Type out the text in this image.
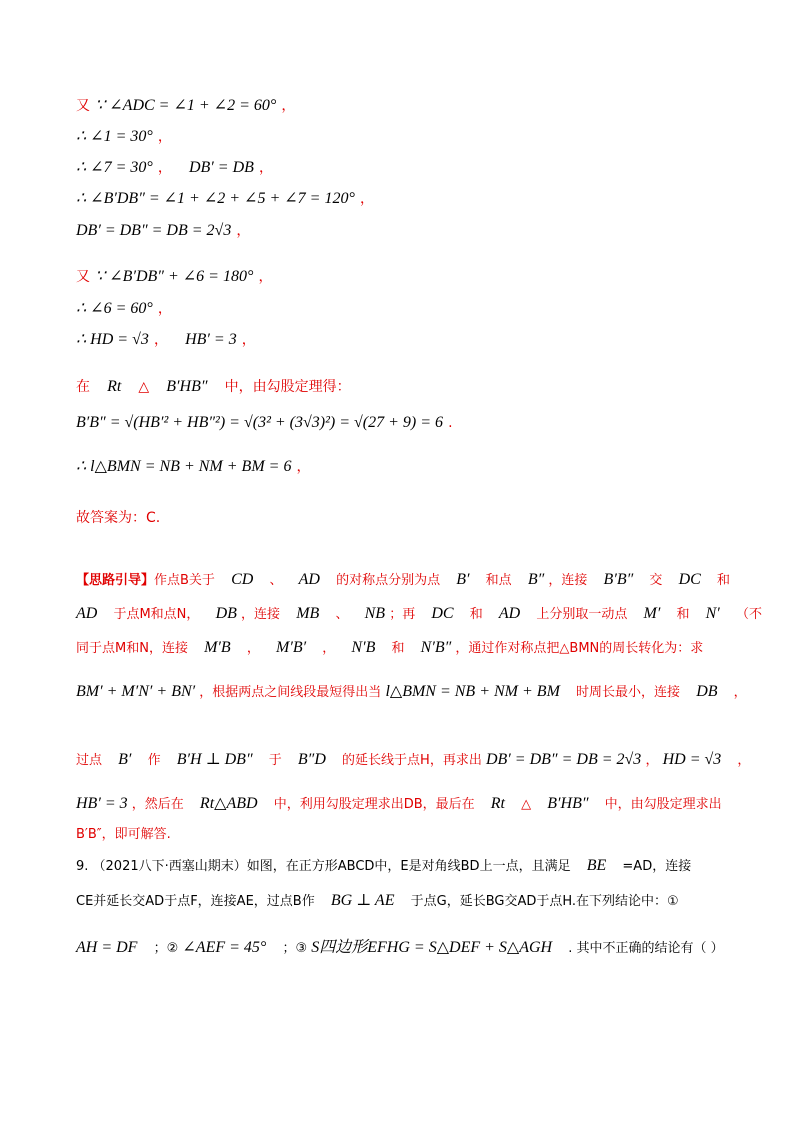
又 ∵ ∠ADC = ∠1 + ∠2 = 60° ，
∴ ∠1 = 30° ，
∴ ∠7 = 30° ， DB′ = DB ，
∴ ∠B′DB″ = ∠1 + ∠2 + ∠5 + ∠7 = 120° ，
DB′ = DB″ = DB = 2√3 ，
又 ∵ ∠B′DB″ + ∠6 = 180° ，
∴ ∠6 = 60° ，
∴ HD = √3 ， HB′ = 3 ，
在 Rt △ B′HB″ 中，由勾股定理得：
B′B″ = √(HB′² + HB″²) = √(3² + (3√3)²) = √(27 + 9) = 6 .
∴ l△BMN = NB + NM + BM = 6 ，
故答案为：C.
【思路引导】作点B关于 CD 、 AD 的对称点分别为点 B′ 和点 B″ ，连接 B′B″ 交 DC 和
AD 于点M和点N， DB ，连接 MB 、 NB ；再 DC 和 AD 上分别取一动点 M′ 和 N′ （不
同于点M和N，连接 M′B ， M′B′ ， N′B 和 N′B″ ，通过作对称点把△BMN的周长转化为：求
BM′ + M′N′ + BN′ ，根据两点之间线段最短得出当 l△BMN = NB + NM + BM 时周长最小，连接 DB ，
过点 B′ 作 B′H ⊥ DB″ 于 B″D 的延长线于点H，再求出 DB′ = DB″ = DB = 2√3 ， HD = √3 ，
HB′ = 3 ，然后在 Rt△ABD 中，利用勾股定理求出DB，最后在 Rt △ B′HB″ 中，由勾股定理求出
B′B″，即可解答.
9. （2021八下·西塞山期末）如图，在正方形ABCD中，E是对角线BD上一点，且满足 BE =AD，连接
CE并延长交AD于点F，连接AE，过点B作 BG ⊥ AE 于点G，延长BG交AD于点H.在下列结论中：①
AH = DF ；② ∠AEF = 45° ；③ S四边形EFHG = S△DEF + S△AGH . 其中不正确的结论有（ ）
